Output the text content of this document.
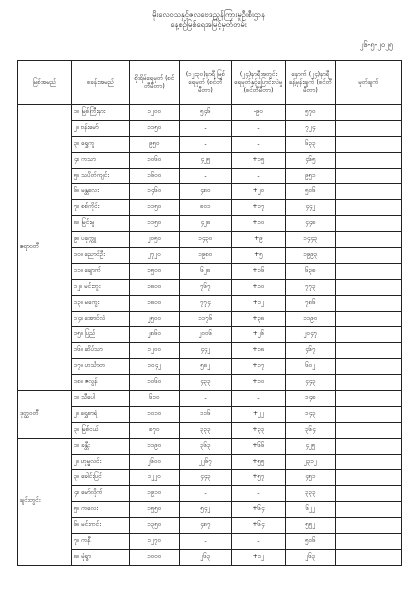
မိုးလေဝသနှင့်ဇလဗေဒညွှန်ကြားမှုဦးစီးဌာန
နေ့စဉ်မြစ်ရေအမြင့်မှတ်တမ်း
၂၆-၅-၂၀၂၅
မြစ်အမည်	စခန်းအမည်	စိုးရိမ်ရေမှတ် (စင်တီမီတာ)	(၁၂း၃၀)နာရီ မြစ်ရေမှတ် (စင်တီမီတာ)	(၂၄)နာရီအတွင်း ရေမှတ်နှင့်ပြောင်းလဲမှု (စင်တီမီတာ)	နောက် (၂၄)နာရီ ခန့်မှန်းချက် (စင်တီမီတာ)	မှတ်ချက်
ဧရာဝတီ	၁။ မြစ်ကြီးနား	၁၂၀၀	၅၄၆	-၉၀	၅၇၀	
	၂။ ဗန်းမော်	၁၁၅၀	-	-	၇၂၄	
	၃။ ရွှေကူ	၉၅၀	-	-	၆၃၃	
	၄။ ကသာ	၁၀၆၀	၄၂၅	+၁၅	၄၆၅	
	၅။ သပိတ်ကျင်း	၁၆၀၀	-	-	၉၅၁	
	၆။ မန္တလေး	၁၄၆၀	၄၈၀	+၂၀	၅၀၆	
	၇။ စစ်ကိုင်း	၁၁၅၀	၈၀၁	+၁၇	၄၄၂	
	၈။ မြင်းမူ	၁၁၅၀	၄၂၈	+၁၀	၄၄၈	
	၉။ ပခုက္ကူ	၂၀၅၀	၁၄၃၀	+၉	၁၄၄၃	
	၁၀။ ညောင်ဦး	၂၇၂၀	၁၉၈၀	+၅	၁၉၉၃	
	၁၁။ ချောက်	၁၅၀၀	၆၂၈	+၁၆	၆၃၈	
	၁၂။ မင်းဘူး	၁၈၀၀	၇၆၇	+၁၀	၇၇၃	
	၁၃။ မကွေး	၁၈၀၀	၇၇၄	+၁၂	၇၈၆	
	၁၄။ အောင်လံ	၂၅၀၀	၁၁၇၆	+၃၈	၁၁၉၀	
	၁၅။ ပြည်	၂၈၆၀	၂၀၀၆	+၂၆	၂၀၄၇	
	၁၆။ ဆိပ်သာ	၁၂၀၀	၄၄၂	+၁၈	၄၆၇	
	၁၇။ ဟင်္သာတ	၁၀၄၂	၅၈၂	+၁၇	၆၀၂	
	၁၈။ ဇလွန်	၁၀၆၀	၄၃၃	+၁၀	၄၄၃	
ဒုတ္ထဝတီ	၁။ သီပေါ	၆၁၀	-	-	၁၄၈	
	၂။ ရွှေစာရံ	၁၀၁၀	၁၁၆	+၂၂	၁၄၃	
	၃။ မြစ်ငယ်	၈၇၀	၃၃၃	+၃၃	၃၆၄	
ချင်းတွင်း	၁။ ခန္တီး	၁၁၉၀	၃၆၃	+၆၆	၄၂၅	
	၂။ ဟုမ္မလင်း	၂၆၀၀	၂၂၆၇	+၅၅	၂၃၁၂	
	၃။ ခေါင်းပြင်	၁၂၂၀	၄၄၃	+၅၇	၄၅၁	
	၄။ မော်လိုက်	၁၉၁၀	-	-	၃၃၃	
	၅။ ကလေး	၁၅၅၀	၅၄၂	+၆၄	၆၂၂	
	၆။ မင်းကင်း	၁၃၅၀	၄၈၇	+၆၄	၅၅၂	
	၇။ ကနီ	၁၂၇၀	-	-	၅၀၆	
	၈။ မုံရွာ	၁၀၀၀	၂၆၃	+၁၂	၂၆၃	
